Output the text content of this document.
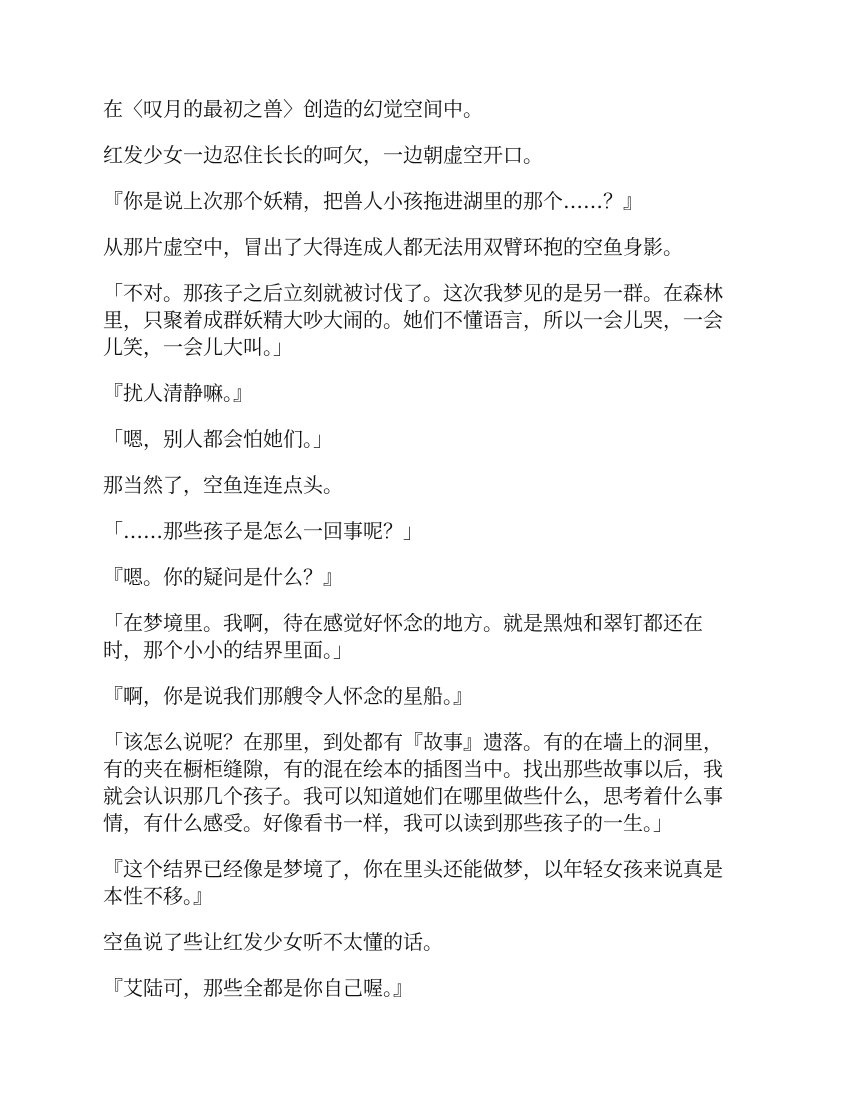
在〈叹月的最初之兽〉创造的幻觉空间中。

红发少女一边忍住长长的呵欠，一边朝虚空开口。

『你是说上次那个妖精，把兽人小孩拖进湖里的那个……？』

从那片虚空中，冒出了大得连成人都无法用双臂环抱的空鱼身影。

「不对。那孩子之后立刻就被讨伐了。这次我梦见的是另一群。在森林
里，只聚着成群妖精大吵大闹的。她们不懂语言，所以一会儿哭，一会
儿笑，一会儿大叫。」

『扰人清静嘛。』

「嗯，别人都会怕她们。」

那当然了，空鱼连连点头。

「……那些孩子是怎么一回事呢？」

『嗯。你的疑问是什么？』

「在梦境里。我啊，待在感觉好怀念的地方。就是黑烛和翠钉都还在
时，那个小小的结界里面。」

『啊，你是说我们那艘令人怀念的星船。』

「该怎么说呢？在那里，到处都有『故事』遗落。有的在墙上的洞里，
有的夹在橱柜缝隙，有的混在绘本的插图当中。找出那些故事以后，我
就会认识那几个孩子。我可以知道她们在哪里做些什么，思考着什么事
情，有什么感受。好像看书一样，我可以读到那些孩子的一生。」

『这个结界已经像是梦境了，你在里头还能做梦，以年轻女孩来说真是
本性不移。』

空鱼说了些让红发少女听不太懂的话。

『艾陆可，那些全都是你自己喔。』
